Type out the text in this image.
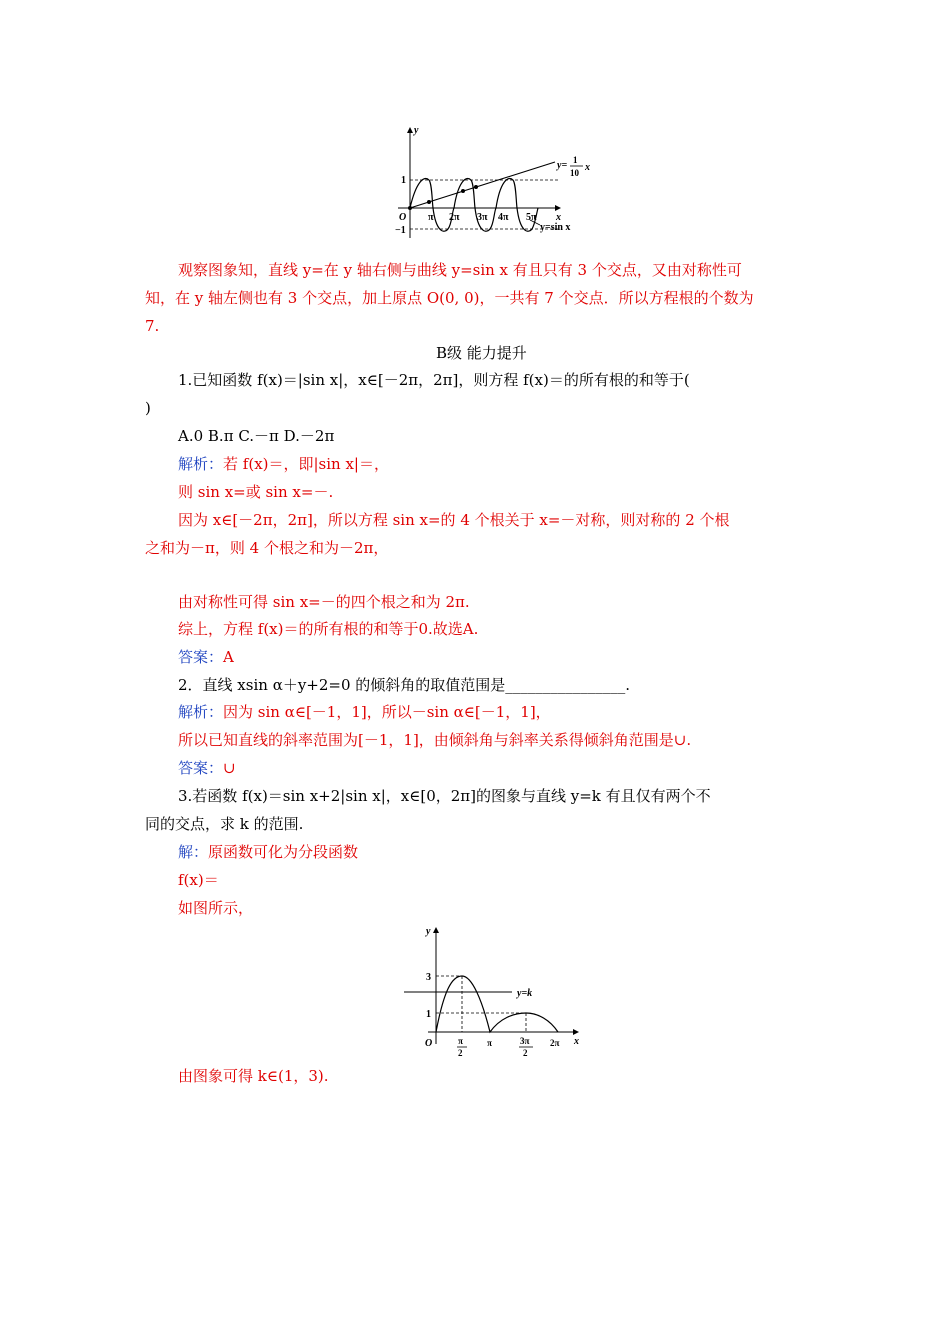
y
x
O
1
−1
π 2π 3π 4π 5π
y= 1
10 x
y=sin x
观察图象知，直线 y=在 y 轴右侧与曲线 y=sin x 有且只有 3 个交点，又由对称性可
知，在 y 轴左侧也有 3 个交点，加上原点 O(0, 0)，一共有 7 个交点．所以方程根的个数为
7.
B级 能力提升
1.已知函数 f(x)＝|sin x|，x∈[－2π，2π]，则方程 f(x)＝的所有根的和等于(
)
A.0 B.π C.－π D.－2π
解析：若 f(x)＝，即|sin x|＝，
则 sin x=或 sin x=－.
因为 x∈[－2π，2π]，所以方程 sin x=的 4 个根关于 x=－对称，则对称的 2 个根
之和为－π，则 4 个根之和为－2π，
由对称性可得 sin x=－的四个根之和为 2π.
综上，方程 f(x)＝的所有根的和等于0.故选A.
答案：A
2．直线 xsin α＋y+2=0 的倾斜角的取值范围是________________.
解析：因为 sin α∈[－1，1]，所以－sin α∈[－1，1]，
所以已知直线的斜率范围为[－1，1]，由倾斜角与斜率关系得倾斜角范围是∪.
答案：∪
3.若函数 f(x)＝sin x+2|sin x|，x∈[0，2π]的图象与直线 y=k 有且仅有两个不
同的交点，求 k 的范围.
解：原函数可化为分段函数
f(x)＝
如图所示，
y
x
O
3
1
y=k
π
2
π	3π
2
2π
由图象可得 k∈(1，3).
